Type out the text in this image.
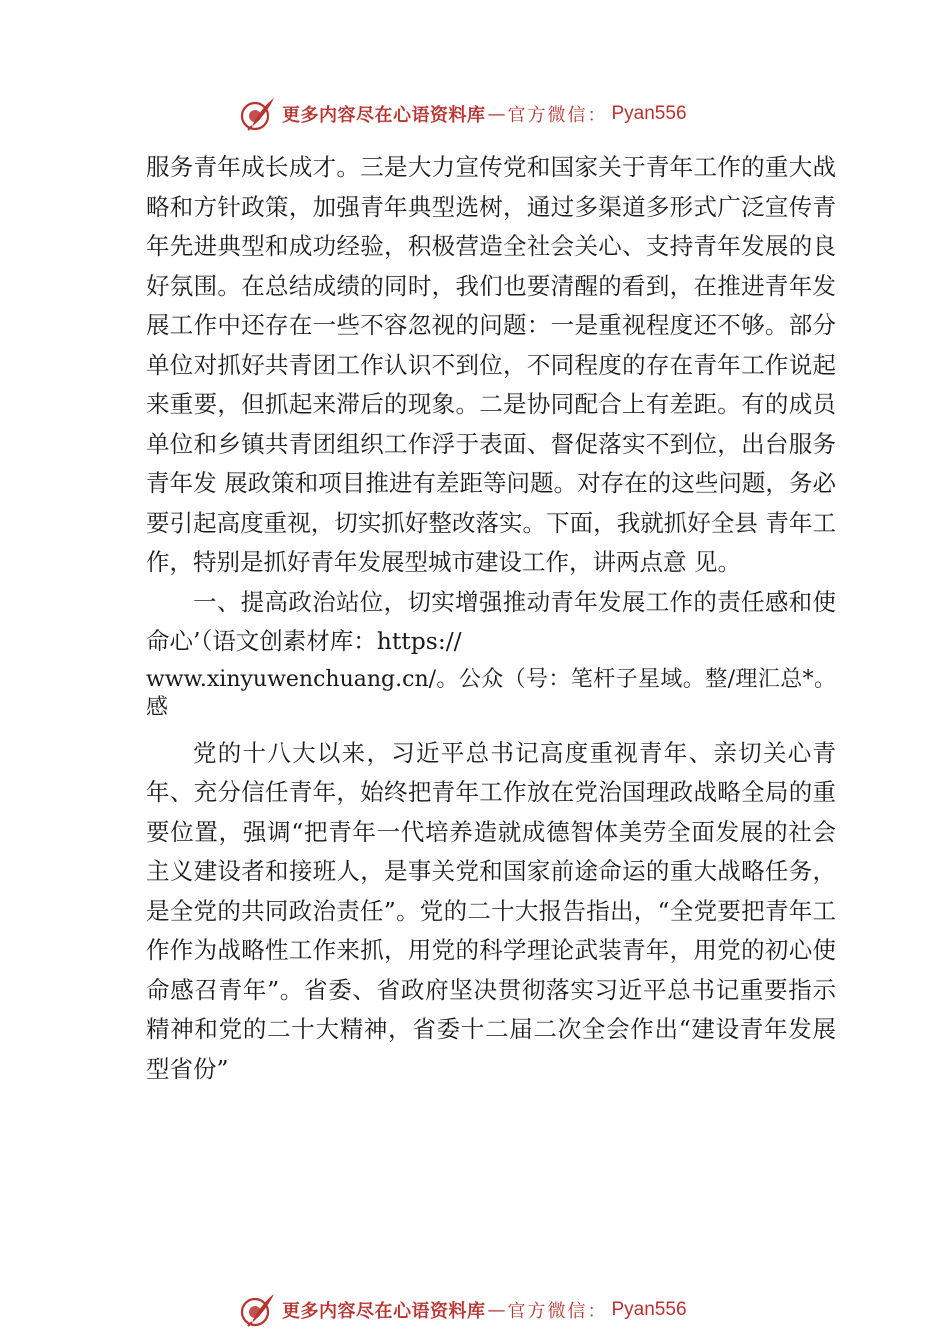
更多内容尽在心语资料库 — 官方微信： Pyan556

服务青年成长成才。三是大力宣传党和国家关于青年工作的重大战略和方针政策，加强青年典型选树，通过多渠道多形式广泛宣传青年先进典型和成功经验，积极营造全社会关心、支持青年发展的良好氛围。在总结成绩的同时，我们也要清醒的看到，在推进青年发展工作中还存在一些不容忽视的问题：一是重视程度还不够。部分单位对抓好共青团工作认识不到位，不同程度的存在青年工作说起来重要，但抓起来滞后的现象。二是协同配合上有差距。有的成员单位和乡镇共青团组织工作浮于表面、督促落实不到位，出台服务青年发 展政策和项目推进有差距等问题。对存在的这些问题，务必 要引起高度重视，切实抓好整改落实。下面，我就抓好全县 青年工作，特别是抓好青年发展型城市建设工作，讲两点意 见。

一、提高政治站位，切实增强推动青年发展工作的责任感和使命心’（语文创素材库：https://

www.xinyuwenchuang.cn/。公众（号：笔杆子星域。整/理汇总*。感

党的十八大以来，习近平总书记高度重视青年、亲切关心青年、充分信任青年，始终把青年工作放在党治国理政战略全局的重要位置，强调“把青年一代培养造就成德智体美劳全面发展的社会主义建设者和接班人，是事关党和国家前途命运的重大战略任务，是全党的共同政治责任”。党的二十大报告指出，“全党要把青年工作作为战略性工作来抓，用党的科学理论武装青年，用党的初心使命感召青年”。省委、省政府坚决贯彻落实习近平总书记重要指示精神和党的二十大精神，省委十二届二次全会作出“建设青年发展型省份”

更多内容尽在心语资料库 — 官方微信： Pyan556
